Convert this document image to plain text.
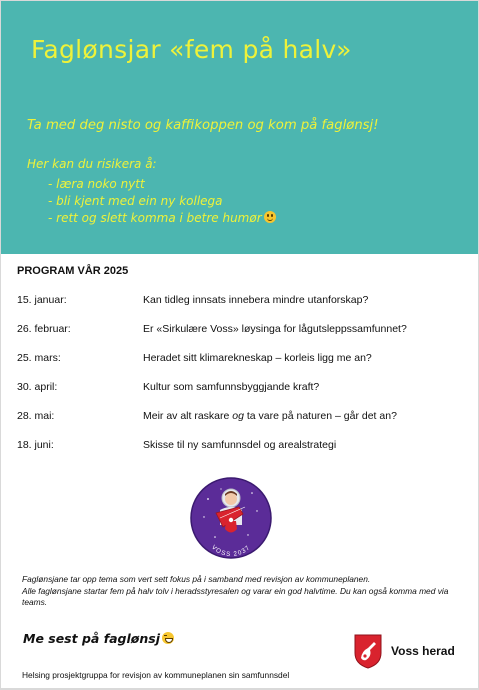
Faglønsjar «fem på halv»
Ta med deg nisto og kaffikoppen og kom på faglønsj!
Her kan du risikera å:
- læra noko nytt
- bli kjent med ein ny kollega
- rett og slett komma i betre humør
PROGRAM VÅR 2025
15. januar:	Kan tidleg innsats innebera mindre utanforskap?
26. februar:	Er «Sirkulære Voss» løysinga for lågutsleppssamfunnet?
25. mars:	Heradet sitt klimarekneskap – korleis ligg me an?
30. april:	Kultur som samfunnsbyggjande kraft?
28. mai:	Meir av alt raskare og ta vare på naturen – går det an?
18. juni:	Skisse til ny samfunnsdel og arealstrategi
VOSS 2037

Faglønsjane tar opp tema som vert sett fokus på i samband med revisjon av kommuneplanen.

Alle faglønsjane startar fem på halv tolv i heradsstyresalen og varar ein god halvtime. Du kan også komma med via teams.

Me sest på faglønsj
Voss herad
Helsing prosjektgruppa for revisjon av kommuneplanen sin samfunnsdel
